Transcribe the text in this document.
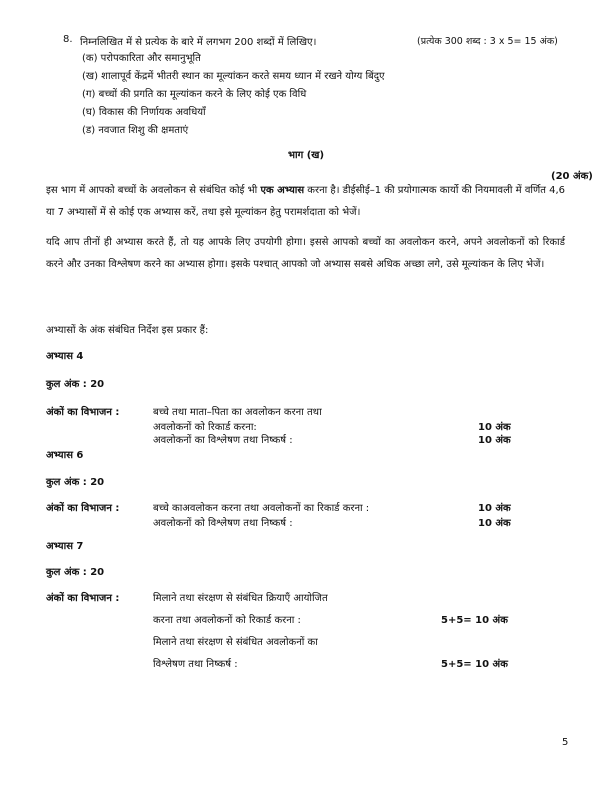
8. निम्नलिखित में से प्रत्येक के बारे में लगभग 200 शब्दों में लिखिए।	(प्रत्येक 300 शब्द : 3 x 5= 15 अंक)
(क) परोपकारिता और समानुभूति
(ख) शालापूर्व केंद्रमें भीतरी स्थान का मूल्यांकन करते समय ध्यान में रखने योग्य बिंदुए
(ग) बच्चों की प्रगति का मूल्यांकन करने के लिए कोई एक विधि
(घ) विकास की निर्णायक अवधियाँ
(ड) नवजात शिशु की क्षमताएं
भाग (ख)
(20 अंक)

इस भाग में आपको बच्चों के अवलोकन से संबंधित कोई भी एक अभ्यास करना है। डीईसीई–1 की प्रयोगात्मक कार्यो की नियमावली में वर्णित 4,6 या 7 अभ्यासों में से कोई एक अभ्यास करें, तथा इसे मूल्यांकन हेतु परामर्शदाता को भेजें।

यदि आप तीनों ही अभ्यास करते हैं, तो यह आपके लिए उपयोगी होगा। इससे आपको बच्चों का अवलोकन करने, अपने अवलोकनों को रिकार्ड करने और उनका विश्लेषण करने का अभ्यास होगा। इसके पश्चात् आपको जो अभ्यास सबसे अधिक अच्छा लगे, उसे मूल्यांकन के लिए भेजें।

अभ्यासों के अंक संबंधित निर्देश इस प्रकार हैं:
अभ्यास 4
कुल अंक : 20
अंकों का विभाजन :	बच्चे तथा माता–पिता का अवलोकन करना तथा
अवलोकनों को रिकार्ड करना:	10 अंक
अवलोकनों का विश्लेषण तथा निष्कर्ष :	10 अंक
अभ्यास 6
कुल अंक : 20
अंकों का विभाजन :	बच्चे काअवलोकन करना तथा अवलोकनों का रिकार्ड करना :	10 अंक
अवलोकनों को विश्लेषण तथा निष्कर्ष :	10 अंक
अभ्यास 7
कुल अंक : 20
अंकों का विभाजन :	मिलाने तथा संरक्षण से संबंधित क्रियाएँ आयोजित
करना तथा अवलोकनों को रिकार्ड करना :	5+5= 10 अंक
मिलाने तथा संरक्षण से संबंधित अवलोकनों का
विश्लेषण तथा निष्कर्ष :	5+5= 10 अंक
5
